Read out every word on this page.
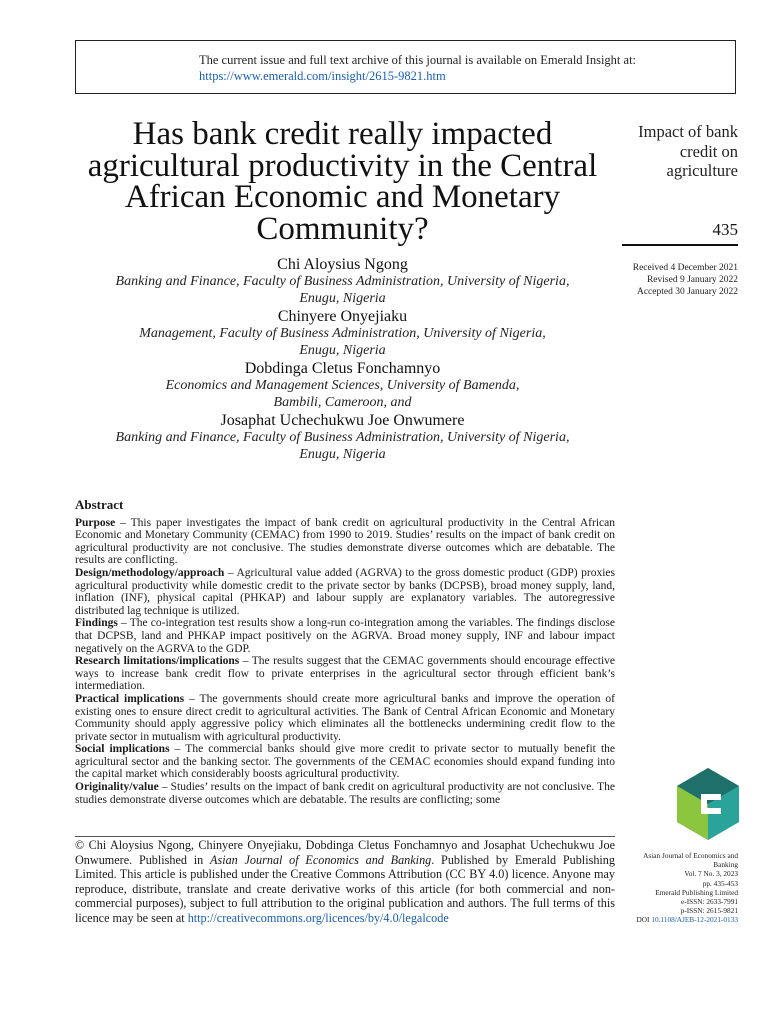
The current issue and full text archive of this journal is available on Emerald Insight at:
https://www.emerald.com/insight/2615-9821.htm
Has bank credit really impacted agricultural productivity in the Central African Economic and Monetary Community?
Impact of bank
credit on
agriculture
435
Received 4 December 2021
Revised 9 January 2022
Accepted 30 January 2022
Chi Aloysius Ngong
Banking and Finance, Faculty of Business Administration, University of Nigeria,
Enugu, Nigeria
Chinyere Onyejiaku
Management, Faculty of Business Administration, University of Nigeria,
Enugu, Nigeria
Dobdinga Cletus Fonchamnyo
Economics and Management Sciences, University of Bamenda,
Bambili, Cameroon, and
Josaphat Uchechukwu Joe Onwumere
Banking and Finance, Faculty of Business Administration, University of Nigeria,
Enugu, Nigeria
Abstract

Purpose – This paper investigates the impact of bank credit on agricultural productivity in the Central African Economic and Monetary Community (CEMAC) from 1990 to 2019. Studies’ results on the impact of bank credit on agricultural productivity are not conclusive. The studies demonstrate diverse outcomes which are debatable. The results are conflicting.

Design/methodology/approach – Agricultural value added (AGRVA) to the gross domestic product (GDP) proxies agricultural productivity while domestic credit to the private sector by banks (DCPSB), broad money supply, land, inflation (INF), physical capital (PHKAP) and labour supply are explanatory variables. The autoregressive distributed lag technique is utilized.

Findings – The co-integration test results show a long-run co-integration among the variables. The findings disclose that DCPSB, land and PHKAP impact positively on the AGRVA. Broad money supply, INF and labour impact negatively on the AGRVA to the GDP.

Research limitations/implications – The results suggest that the CEMAC governments should encourage effective ways to increase bank credit flow to private enterprises in the agricultural sector through efficient bank’s intermediation.

Practical implications – The governments should create more agricultural banks and improve the operation of existing ones to ensure direct credit to agricultural activities. The Bank of Central African Economic and Monetary Community should apply aggressive policy which eliminates all the bottlenecks undermining credit flow to the private sector in mutualism with agricultural productivity.

Social implications – The commercial banks should give more credit to private sector to mutually benefit the agricultural sector and the banking sector. The governments of the CEMAC economies should expand funding into the capital market which considerably boosts agricultural productivity.

Originality/value – Studies’ results on the impact of bank credit on agricultural productivity are not conclusive. The studies demonstrate diverse outcomes which are debatable. The results are conflicting; some

© Chi Aloysius Ngong, Chinyere Onyejiaku, Dobdinga Cletus Fonchamnyo and Josaphat Uchechukwu Joe Onwumere. Published in Asian Journal of Economics and Banking. Published by Emerald Publishing Limited. This article is published under the Creative Commons Attribution (CC BY 4.0) licence. Anyone may reproduce, distribute, translate and create derivative works of this article (for both commercial and non-commercial purposes), subject to full attribution to the original publication and authors. The full terms of this licence may be seen at http://creativecommons.org/licences/by/4.0/legalcode
Asian Journal of Economics and
Banking
Vol. 7 No. 3, 2023
pp. 435-453
Emerald Publishing Limited
e-ISSN: 2633-7991
p-ISSN: 2615-9821
DOI 10.1108/AJEB-12-2021-0133
